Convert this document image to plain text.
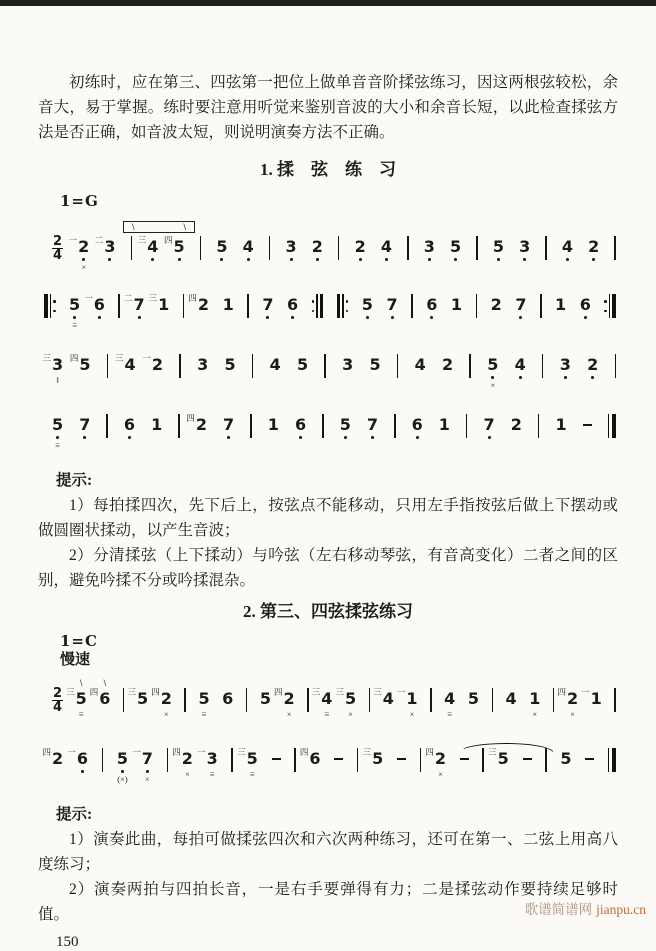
初练时，应在第三、四弦第一把位上做单音音阶揉弦练习，因这两根弦较松，余音大，易于掌握。练时要注意用听觉来鉴别音波的大小和余音长短，以此检查揉弦方法是否正确，如音波太短，则说明演奏方法不正确。

1. 揉　弦　练　习
1=G
$\frac{2}{4}$ 一 2
×
二 3	三 4 四 5 5 4 3 2 2 4 3 5 5 3 4 2
\	\
5
≡
一 6 二 7 三 1 四 2 1 7 6	5 7 6 1 2 7 1 6
三 3
‖
四 5	三 4 一 2 3 5 4 5 3 5 4 2 5
×
4 3 2
5
≡
7 6 1	四 2 7 1 6 5 7 6 1 7 2 1
提示:

1）每拍揉四次，先下后上，按弦点不能移动，只用左手指按弦后做上下摆动或做圆圈状揉动，以产生音波；

2）分清揉弦（上下揉动）与吟弦（左右移动琴弦，有音高变化）二者之间的区别，避免吟揉不分或吟揉混杂。

2. 第三、四弦揉弦练习
1=C
慢速
$\frac{2}{4}$
\
三 5
≡
\
四 6 三 5 四 2
×
5
≡
6 5 四 2
×
三 4
≡
三 5
×
三 4 一 1
×
4
≡
5 4 1
×
四 2
×
一 1
四 2 一 6 5
(×)
一 7
×
四 2
×
一 3
≡
三 5
≡
四 6	三 5	四 2
×
三 5	5
提示:

1）演奏此曲，每拍可做揉弦四次和六次两种练习，还可在第一、二弦上用高八度练习；

2）演奏两拍与四拍长音，一是右手要弹得有力；二是揉弦动作要持续足够时值。

150
歌谱简谱网 jianpu.cn
